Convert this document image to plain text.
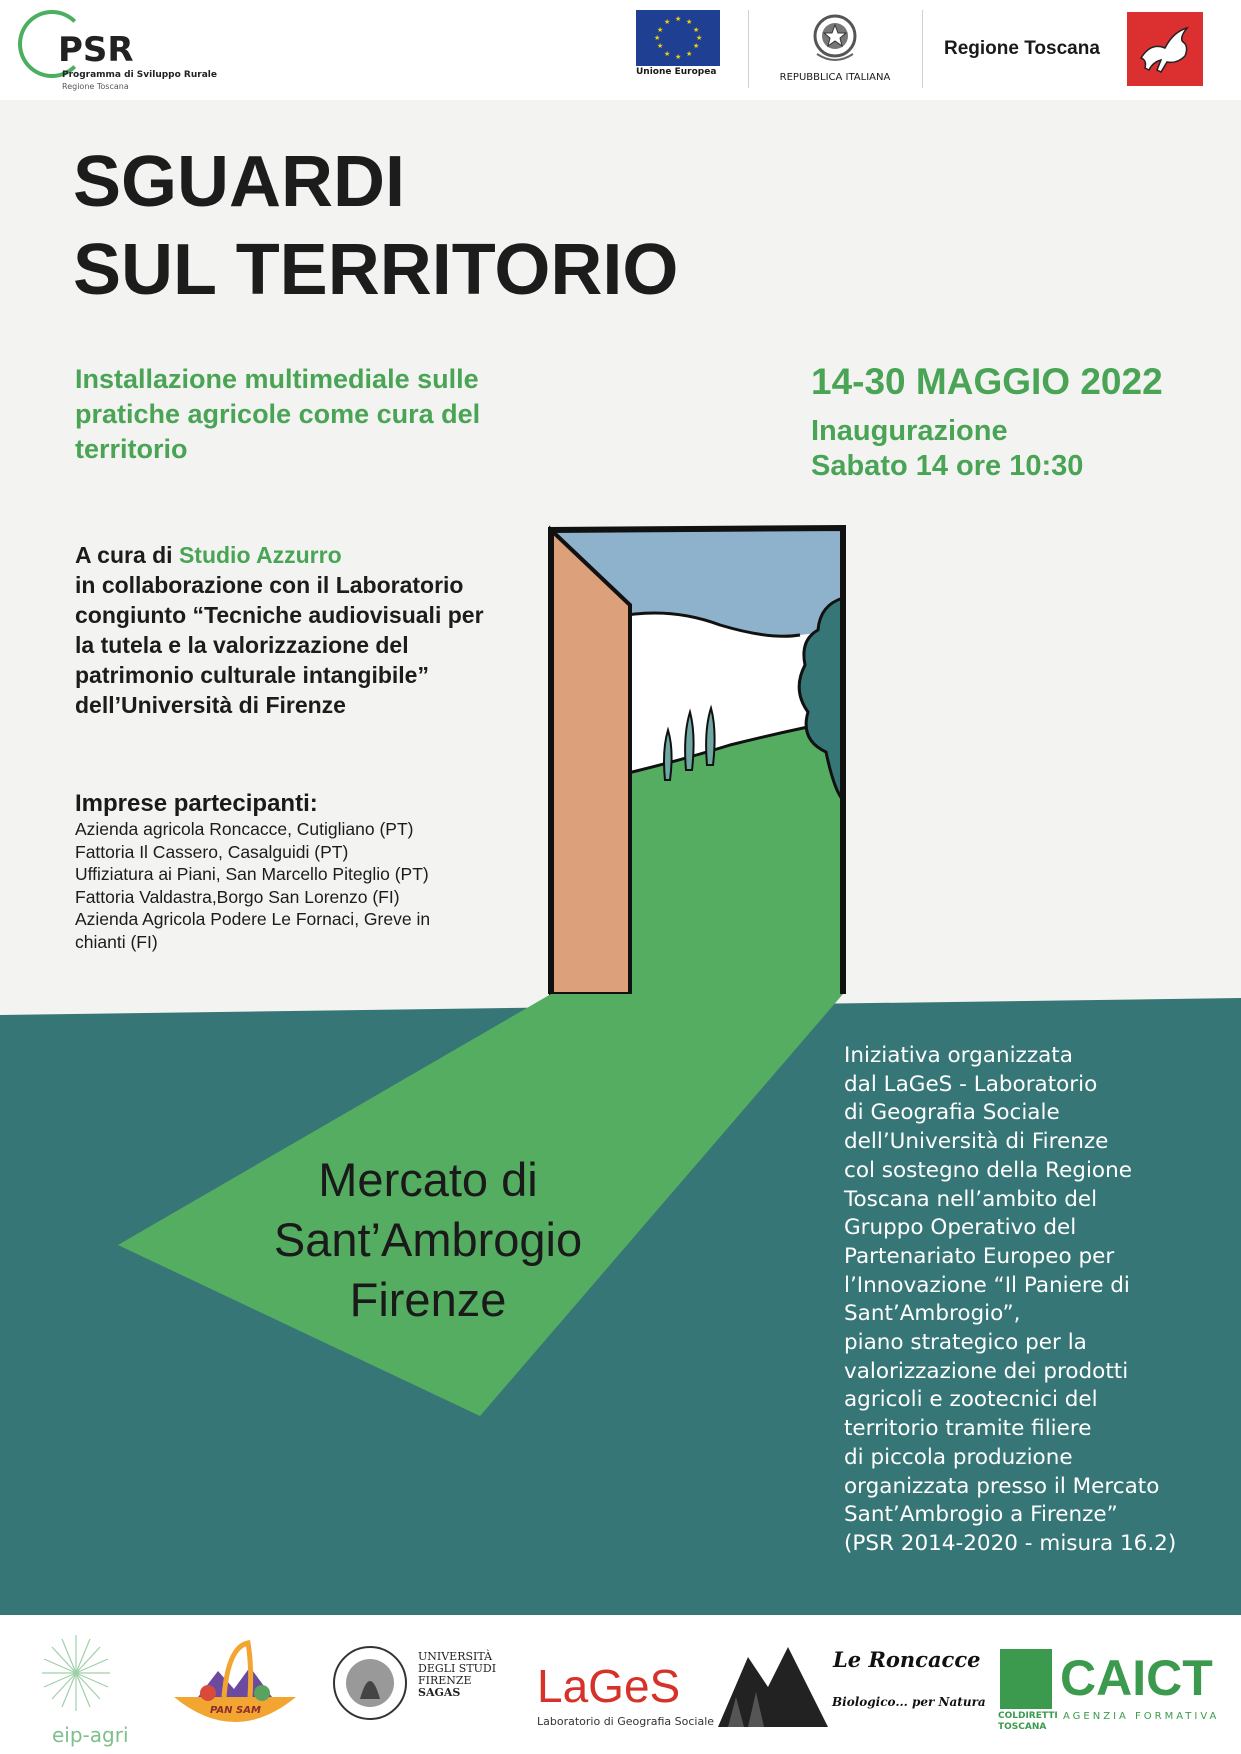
PSR
Programma di Sviluppo Rurale
Regione Toscana
★ ★
★
★
★
★
★
★
★
★
★
★
Unione Europea	REPUBBLICA ITALIANA
Regione Toscana
SGUARDI
SUL TERRITORIO
Installazione multimediale sulle pratiche agricole come cura del territorio
14-30 MAGGIO 2022
Inaugurazione
Sabato 14 ore 10:30
A cura di Studio Azzurro
in collaborazione con il Laboratorio congiunto “Tecniche audiovisuali per la tutela e la valorizzazione del patrimonio culturale intangibile” dell’Università di Firenze
Imprese partecipanti:
Azienda agricola Roncacce, Cutigliano (PT)
Fattoria Il Cassero, Casalguidi (PT)
Uffiziatura ai Piani, San Marcello Piteglio (PT)
Fattoria Valdastra,Borgo San Lorenzo (FI)
Azienda Agricola Podere Le Fornaci, Greve in chianti (FI)
Mercato di
Sant’Ambrogio
Firenze
Iniziativa organizzata
dal LaGeS - Laboratorio
di Geografia Sociale
dell’Università di Firenze
col sostegno della Regione
Toscana nell’ambito del
Gruppo Operativo del
Partenariato Europeo per
l’Innovazione “Il Paniere di
Sant’Ambrogio”,
piano strategico per la
valorizzazione dei prodotti
agricoli e zootecnici del
territorio tramite filiere
di piccola produzione
organizzata presso il Mercato
Sant’Ambrogio a Firenze”
(PSR 2014-2020 - misura 16.2)
eip-agri
PAN SAM
UNIVERSITÀ
DEGLI STUDI
FIRENZE
SAGAS	LaGeS
Laboratorio di Geografia Sociale
Le Roncacce
Biologico... per Natura
COLDIRETTI
TOSCANA
CAICT
AGENZIA FORMATIVA
